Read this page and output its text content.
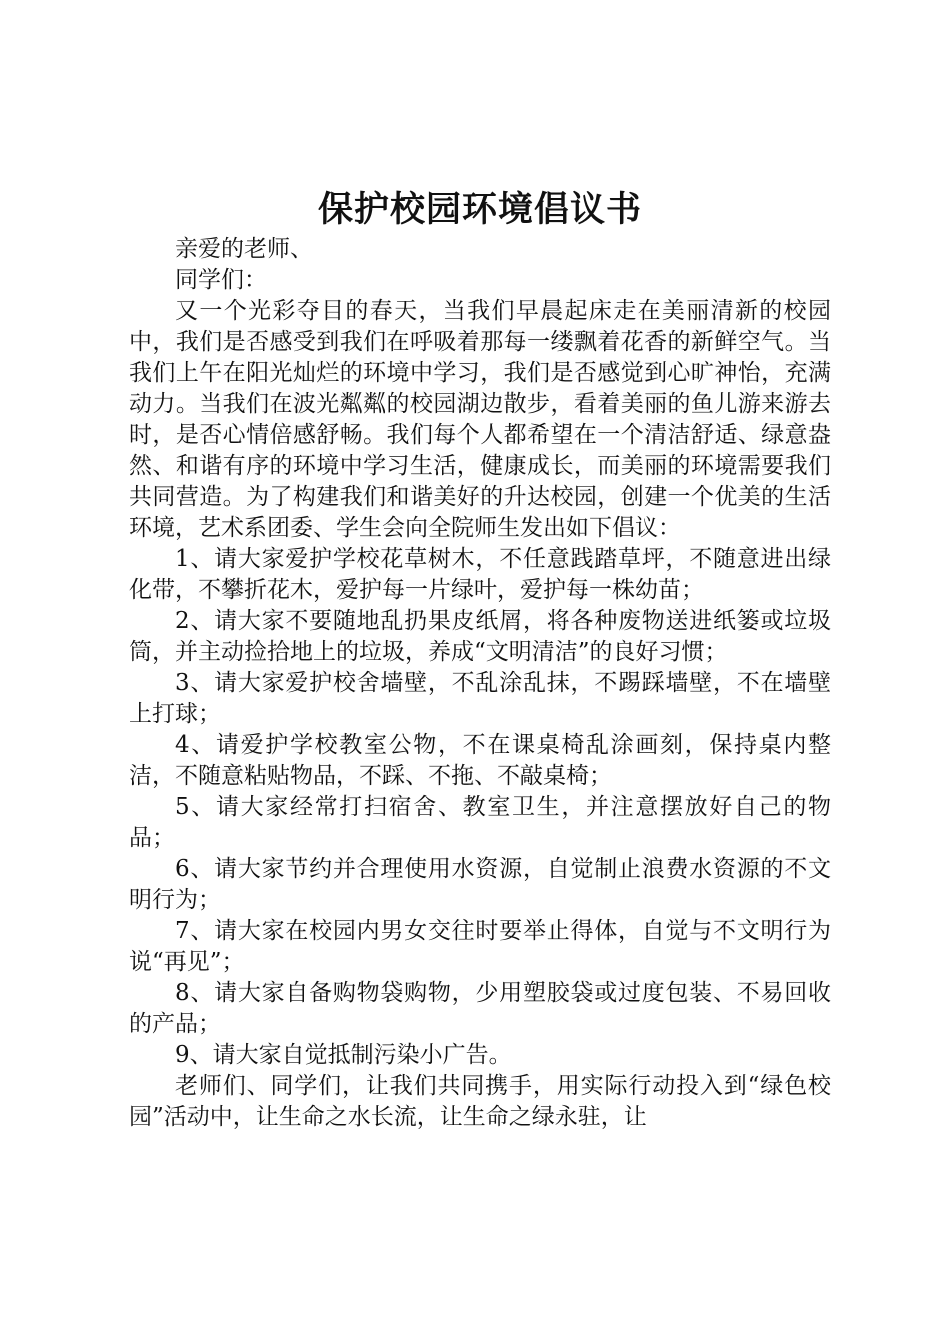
保护校园环境倡议书

亲爱的老师、

同学们：

又一个光彩夺目的春天，当我们早晨起床走在美丽清新的校园中，我们是否感受到我们在呼吸着那每一缕飘着花香的新鲜空气。当我们上午在阳光灿烂的环境中学习，我们是否感觉到心旷神怡，充满动力。当我们在波光粼粼的校园湖边散步，看着美丽的鱼儿游来游去时，是否心情倍感舒畅。我们每个人都希望在一个清洁舒适、绿意盎然、和谐有序的环境中学习生活，健康成长，而美丽的环境需要我们共同营造。为了构建我们和谐美好的升达校园，创建一个优美的生活环境，艺术系团委、学生会向全院师生发出如下倡议：

1、请大家爱护学校花草树木，不任意践踏草坪，不随意进出绿化带，不攀折花木，爱护每一片绿叶，爱护每一株幼苗；

2、请大家不要随地乱扔果皮纸屑，将各种废物送进纸篓或垃圾筒，并主动捡拾地上的垃圾，养成“文明清洁”的良好习惯；

3、请大家爱护校舍墙壁，不乱涂乱抹，不踢踩墙壁，不在墙壁上打球；

4、请爱护学校教室公物，不在课桌椅乱涂画刻，保持桌内整洁，不随意粘贴物品，不踩、不拖、不敲桌椅；

5、请大家经常打扫宿舍、教室卫生，并注意摆放好自己的物品；

6、请大家节约并合理使用水资源，自觉制止浪费水资源的不文明行为；

7、请大家在校园内男女交往时要举止得体，自觉与不文明行为说“再见”；

8、请大家自备购物袋购物，少用塑胶袋或过度包装、不易回收的产品；

9、请大家自觉抵制污染小广告。

老师们、同学们，让我们共同携手，用实际行动投入到“绿色校园”活动中，让生命之水长流，让生命之绿永驻，让
